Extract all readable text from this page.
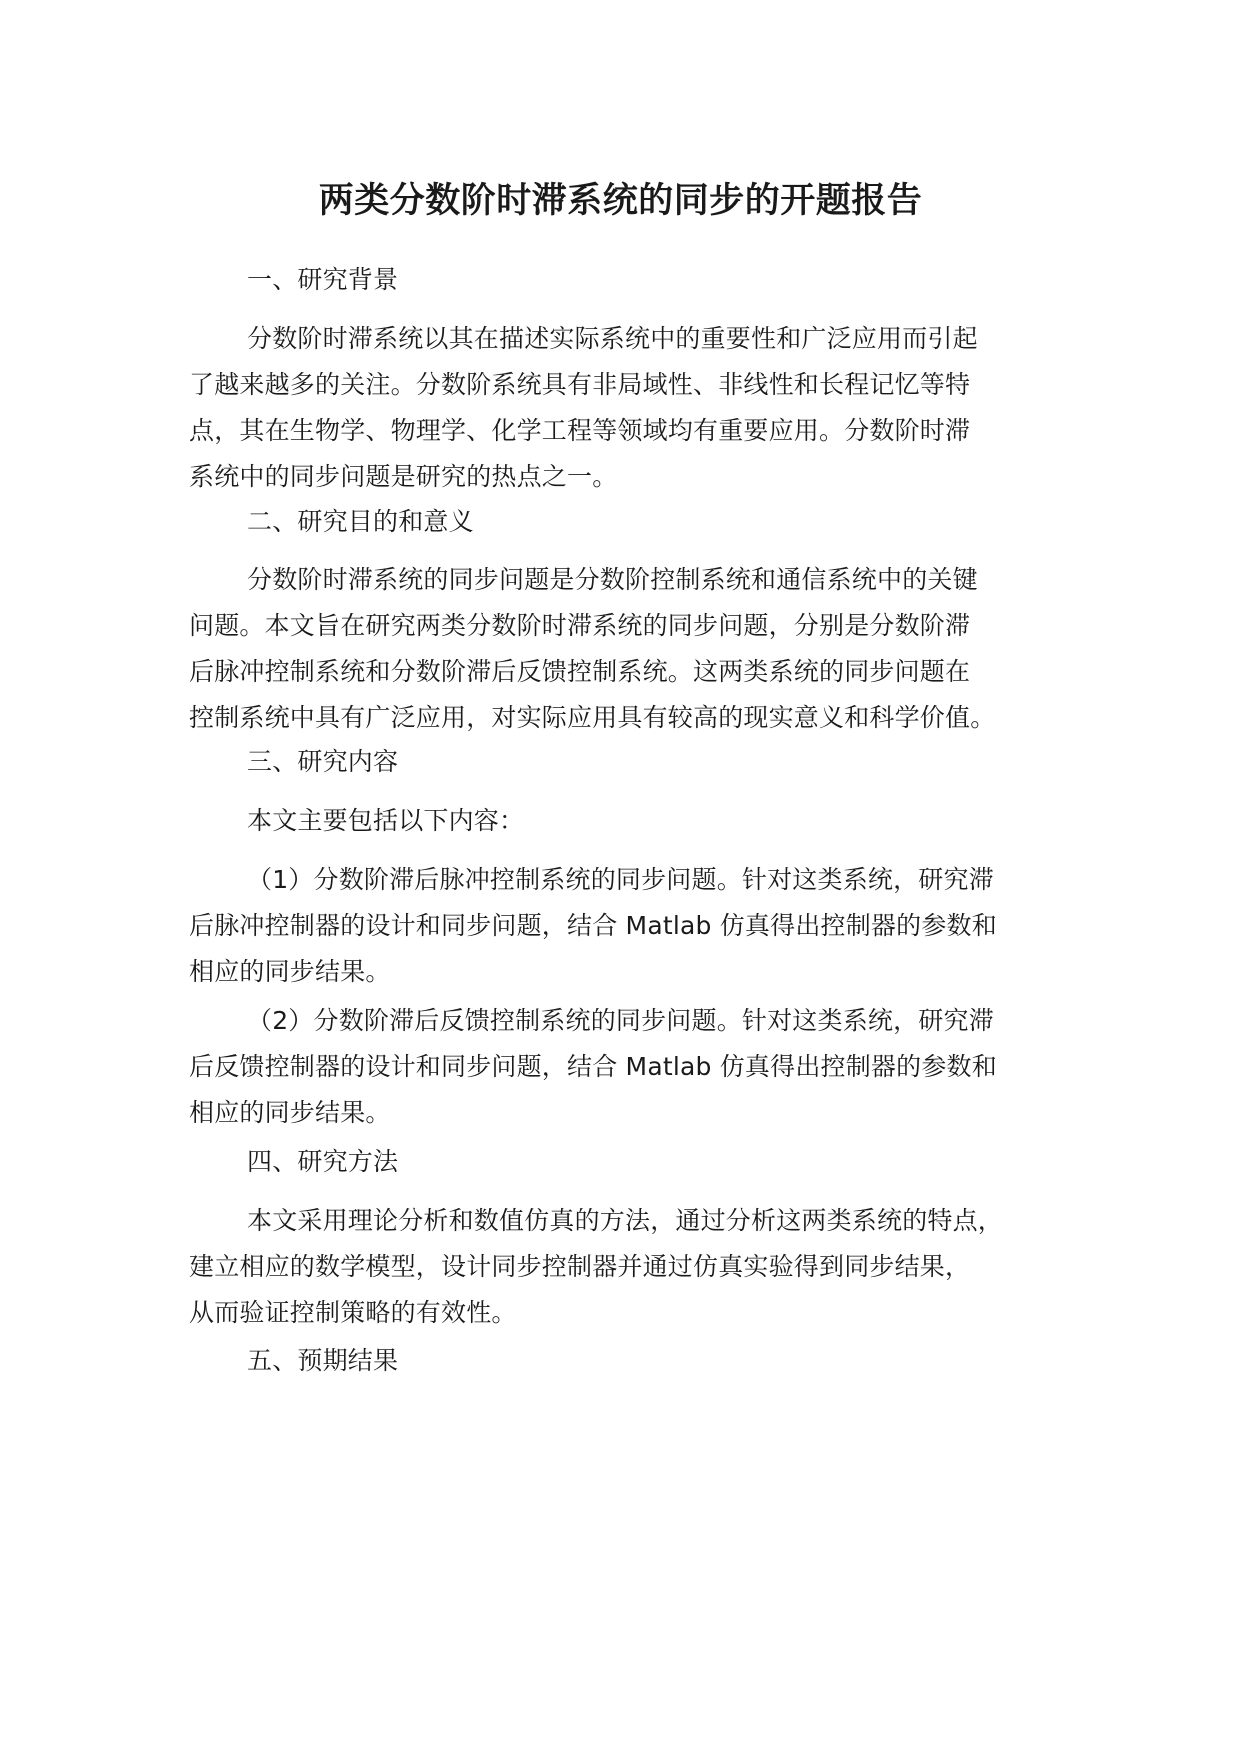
两类分数阶时滞系统的同步的开题报告

一、研究背景

分数阶时滞系统以其在描述实际系统中的重要性和广泛应用而引起
了越来越多的关注。分数阶系统具有非局域性、非线性和长程记忆等特
点，其在生物学、物理学、化学工程等领域均有重要应用。分数阶时滞
系统中的同步问题是研究的热点之一。

二、研究目的和意义

分数阶时滞系统的同步问题是分数阶控制系统和通信系统中的关键
问题。本文旨在研究两类分数阶时滞系统的同步问题，分别是分数阶滞
后脉冲控制系统和分数阶滞后反馈控制系统。这两类系统的同步问题在
控制系统中具有广泛应用，对实际应用具有较高的现实意义和科学价值。

三、研究内容

本文主要包括以下内容：

（1）分数阶滞后脉冲控制系统的同步问题。针对这类系统，研究滞
后脉冲控制器的设计和同步问题，结合 Matlab 仿真得出控制器的参数和
相应的同步结果。
（2）分数阶滞后反馈控制系统的同步问题。针对这类系统，研究滞
后反馈控制器的设计和同步问题，结合 Matlab 仿真得出控制器的参数和
相应的同步结果。

四、研究方法

本文采用理论分析和数值仿真的方法，通过分析这两类系统的特点，
建立相应的数学模型，设计同步控制器并通过仿真实验得到同步结果，
从而验证控制策略的有效性。

五、预期结果
